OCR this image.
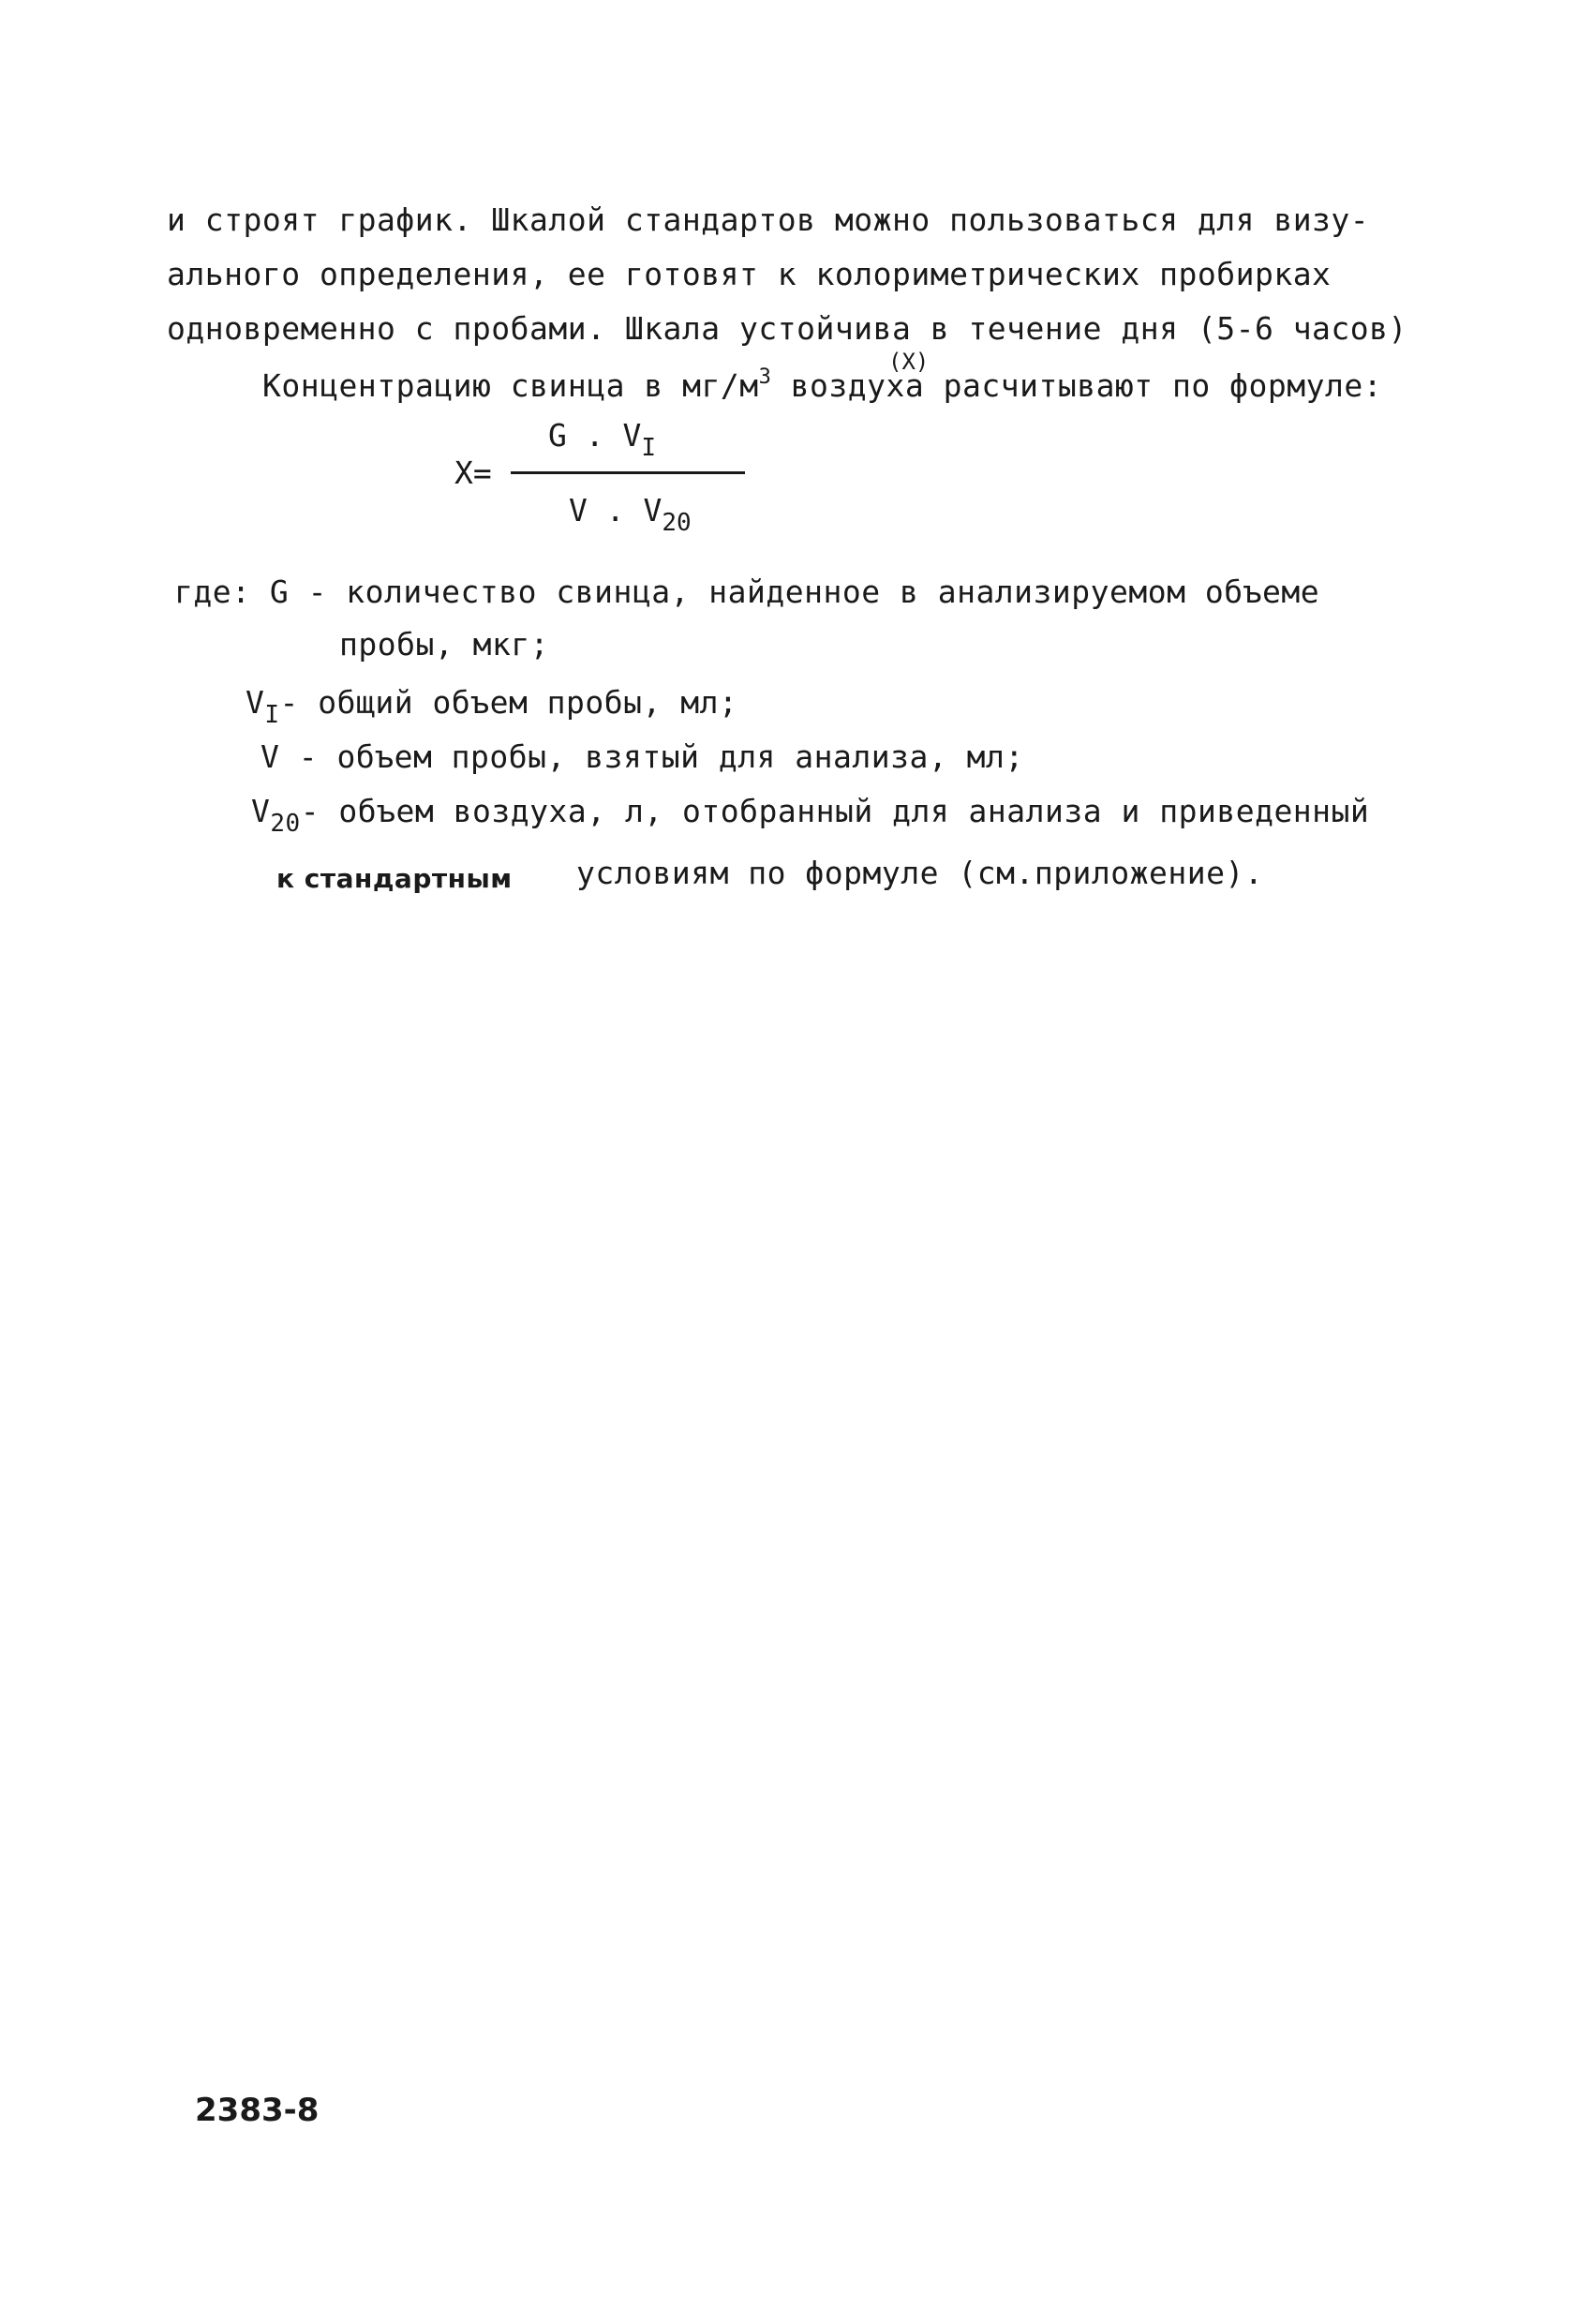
и строят график. Шкалой стандартов можно пользоваться для визу-
ального определения, ее готовят к колориметрических пробирках
одновременно с пробами. Шкала устойчива в течение дня (5-6 часов)
Концентрацию свинца в $мг/м^3$ воздуха расчитывают по формуле:
(X)
X=
G . $V_I$
V . $V_{20}$
где: G - количество свинца, найденное в анализируемом объеме
пробы, мкг;
$V_I-$ общий объем пробы, мл;
V - объем пробы, взятый для анализа, мл;
$V_{20}-$ объем воздуха, л, отобранный для анализа и приведенный
к стандартным условиям по формуле (см.приложение).
2383-8
